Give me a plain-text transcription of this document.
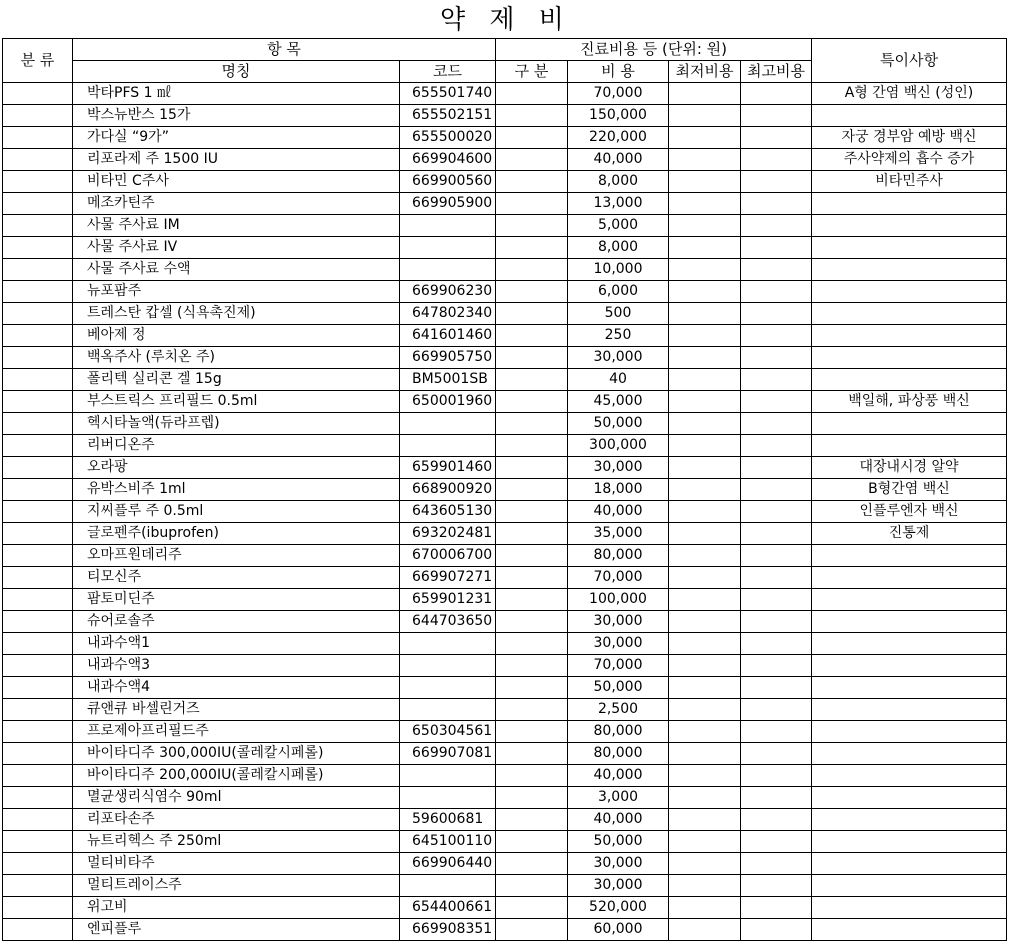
약 제 비
분 류	항 목		진료비용 등 (단위: 원)				특이사항
	명칭	코드	구 분	비 용	최저비용	최고비용	
	박타PFS 1 ㎖	655501740		70,000			A형 간염 백신 (성인)
	박스뉴반스 15가	655502151		150,000			
	가다실 “9가”	655500020		220,000			자궁 경부암 예방 백신
	리포라제 주 1500 IU	669904600		40,000			주사약제의 흡수 증가
	비타민 C주사	669900560		8,000			비타민주사
	메조카틴주	669905900		13,000			
	사물 주사료 IM			5,000			
	사물 주사료 IV			8,000			
	사물 주사료 수액			10,000			
	뉴포팜주	669906230		6,000			
	트레스탄 캅셀 (식욕촉진제)	647802340		500			
	베아제 정	641601460		250			
	백옥주사 (루치온 주)	669905750		30,000			
	폴리텍 실리콘 겔 15g	BM5001SB		40			
	부스트릭스 프리필드 0.5ml	650001960		45,000			백일해, 파상풍 백신
	헥시타놀액(듀라프렙)			50,000			
	리버디온주			300,000			
	오라팡	659901460		30,000			대장내시경 알약
	유박스비주 1ml	668900920		18,000			B형간염 백신
	지씨플루 주 0.5ml	643605130		40,000			인플루엔자 백신
	글로펜주(ibuprofen)	693202481		35,000			진통제
	오마프원데리주	670006700		80,000			
	티모신주	669907271		70,000			
	팜토미딘주	659901231		100,000			
	슈어로솔주	644703650		30,000			
	내과수액1			30,000			
	내과수액3			70,000			
	내과수액4			50,000			
	큐앤큐 바셀린거즈			2,500			
	프로제아프리필드주	650304561		80,000			
	바이타디주 300,000IU(콜레칼시페롤)	669907081		80,000			
	바이타디주 200,000IU(콜레칼시페롤)			40,000			
	멸균생리식염수 90ml			3,000			
	리포타손주	59600681		40,000			
	뉴트리헥스 주 250ml	645100110		50,000			
	멀티비타주	669906440		30,000			
	멀티트레이스주			30,000			
	위고비	654400661		520,000			
	엔피플루	669908351		60,000			
